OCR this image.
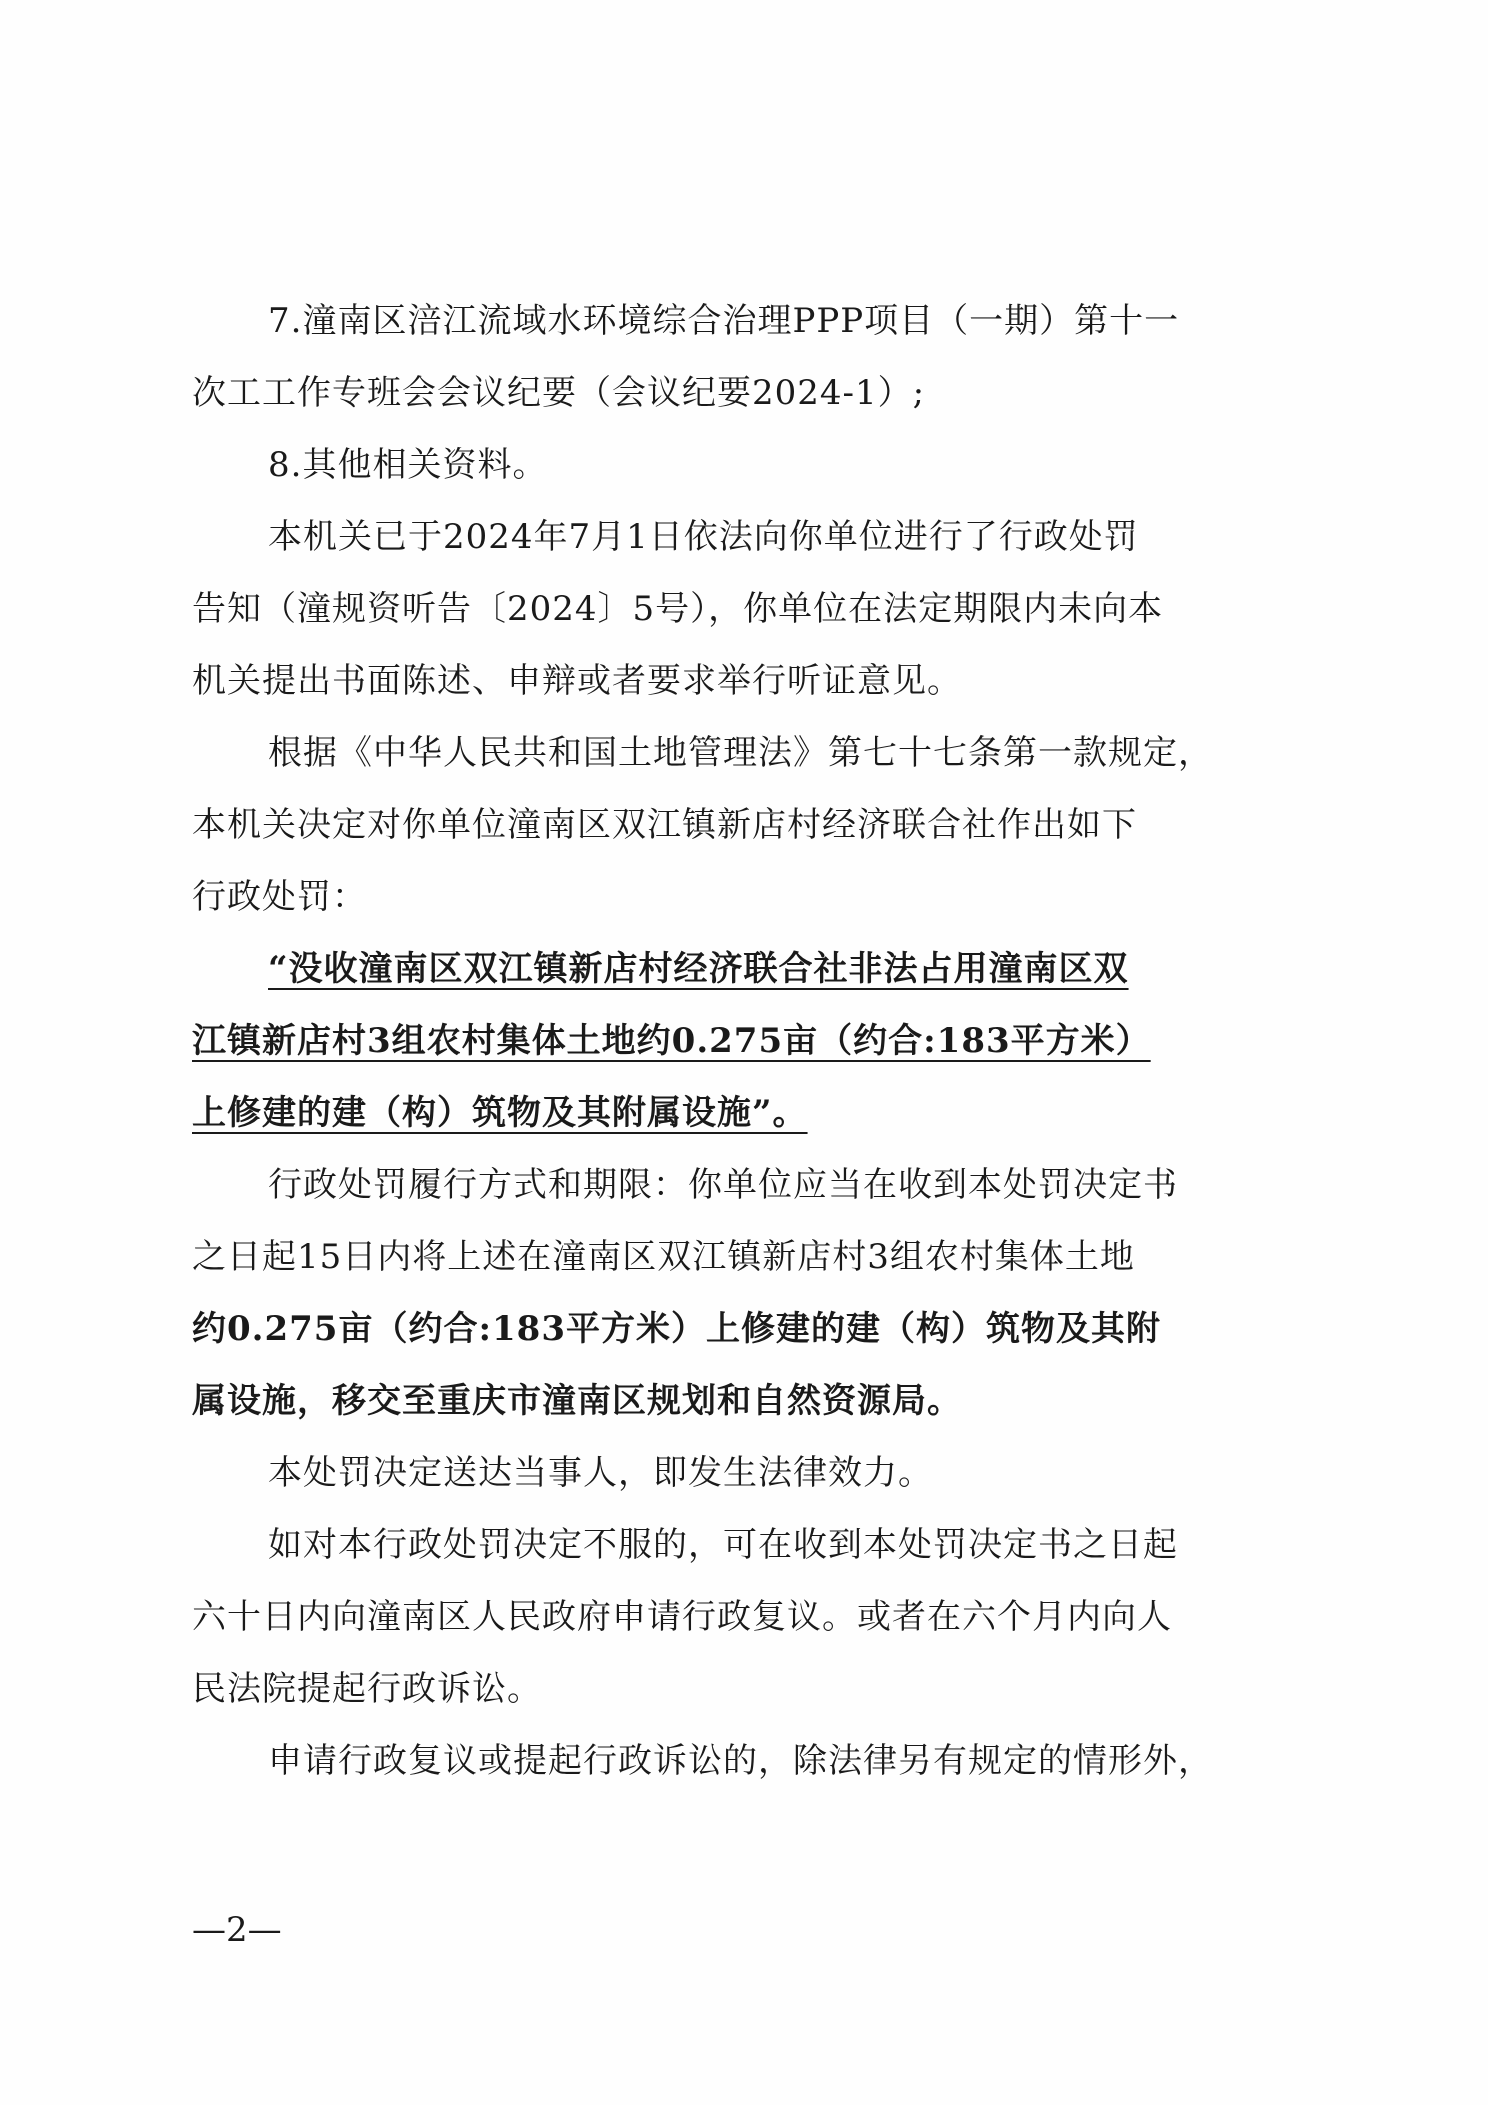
7.潼南区涪江流域水环境综合治理PPP项目（一期）第十一
次工工作专班会会议纪要（会议纪要2024-1）;
8.其他相关资料。
本机关已于2024年7月1日依法向你单位进行了行政处罚
告知（潼规资听告〔2024〕5号），你单位在法定期限内未向本
机关提出书面陈述、申辩或者要求举行听证意见。
根据《中华人民共和国土地管理法》第七十七条第一款规定，
本机关决定对你单位潼南区双江镇新店村经济联合社作出如下
行政处罚：
“没收潼南区双江镇新店村经济联合社非法占用潼南区双
江镇新店村3组农村集体土地约0.275亩（约合:183平方米）
上修建的建（构）筑物及其附属设施”。
行政处罚履行方式和期限：你单位应当在收到本处罚决定书
之日起15日内将上述在潼南区双江镇新店村3组农村集体土地
约0.275亩（约合:183平方米）上修建的建（构）筑物及其附
属设施，移交至重庆市潼南区规划和自然资源局。
本处罚决定送达当事人，即发生法律效力。
如对本行政处罚决定不服的，可在收到本处罚决定书之日起
六十日内向潼南区人民政府申请行政复议。或者在六个月内向人
民法院提起行政诉讼。
申请行政复议或提起行政诉讼的，除法律另有规定的情形外，
—2—
